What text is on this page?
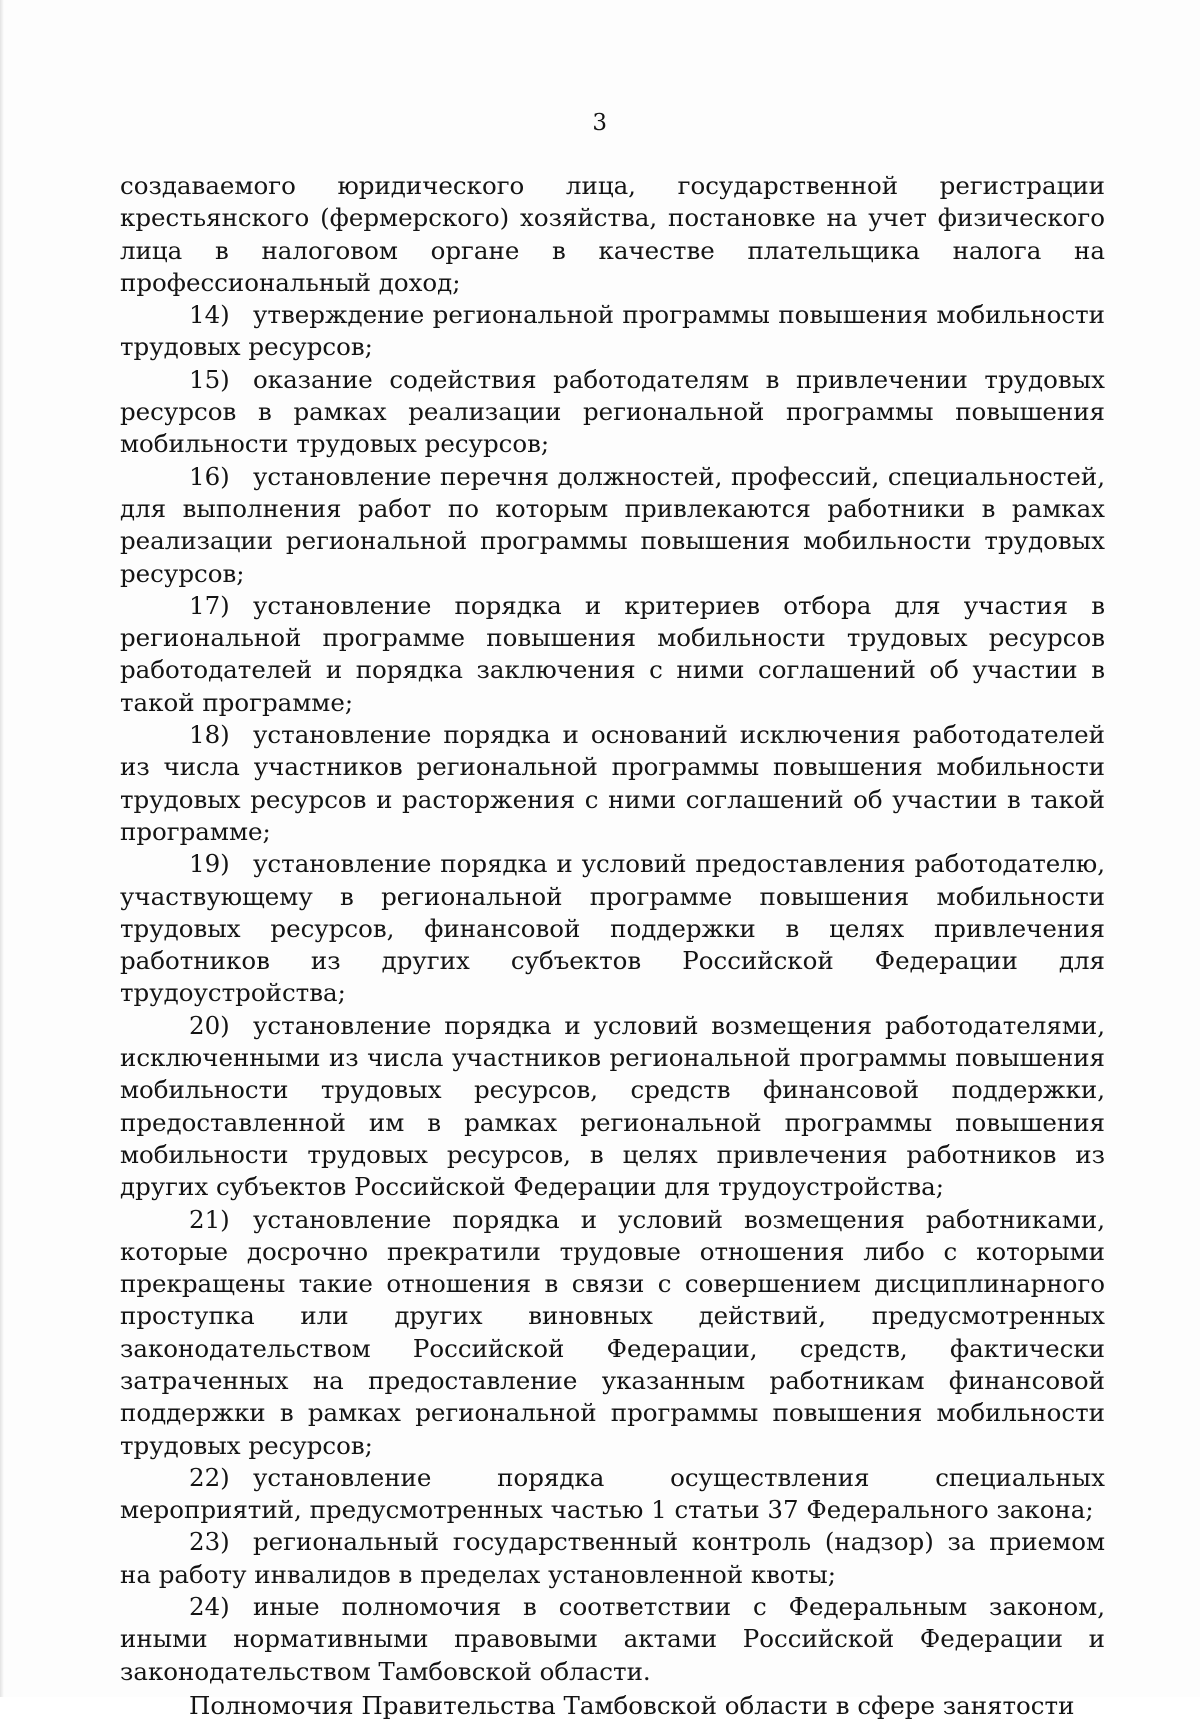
3

создаваемого юридического лица, государственной регистрации крестьянского (фермерского) хозяйства, постановке на учет физического лица в налоговом органе в качестве плательщика налога на профессиональный доход;

14) утверждение региональной программы повышения мобильности трудовых ресурсов;

15) оказание содействия работодателям в привлечении трудовых ресурсов в рамках реализации региональной программы повышения мобильности трудовых ресурсов;

16) установление перечня должностей, профессий, специальностей, для выполнения работ по которым привлекаются работники в рамках реализации региональной программы повышения мобильности трудовых ресурсов;

17) установление порядка и критериев отбора для участия в региональной программе повышения мобильности трудовых ресурсов работодателей и порядка заключения с ними соглашений об участии в такой программе;

18) установление порядка и оснований исключения работодателей из числа участников региональной программы повышения мобильности трудовых ресурсов и расторжения с ними соглашений об участии в такой программе;

19) установление порядка и условий предоставления работодателю, участвующему в региональной программе повышения мобильности трудовых ресурсов, финансовой поддержки в целях привлечения работников из других субъектов Российской Федерации для трудоустройства;

20) установление порядка и условий возмещения работодателями, исключенными из числа участников региональной программы повышения мобильности трудовых ресурсов, средств финансовой поддержки, предоставленной им в рамках региональной программы повышения мобильности трудовых ресурсов, в целях привлечения работников из других субъектов Российской Федерации для трудоустройства;

21) установление порядка и условий возмещения работниками, которые досрочно прекратили трудовые отношения либо с которыми прекращены такие отношения в связи с совершением дисциплинарного проступка или других виновных действий, предусмотренных законодательством Российской Федерации, средств, фактически затраченных на предоставление указанным работникам финансовой поддержки в рамках региональной программы повышения мобильности трудовых ресурсов;

22) установление порядка осуществления специальных мероприятий, предусмотренных частью 1 статьи 37 Федерального закона;

23) региональный государственный контроль (надзор) за приемом на работу инвалидов в пределах установленной квоты;

24) иные полномочия в соответствии с Федеральным законом, иными нормативными правовыми актами Российской Федерации и законодательством Тамбовской области.

Полномочия Правительства Тамбовской области в сфере занятости
